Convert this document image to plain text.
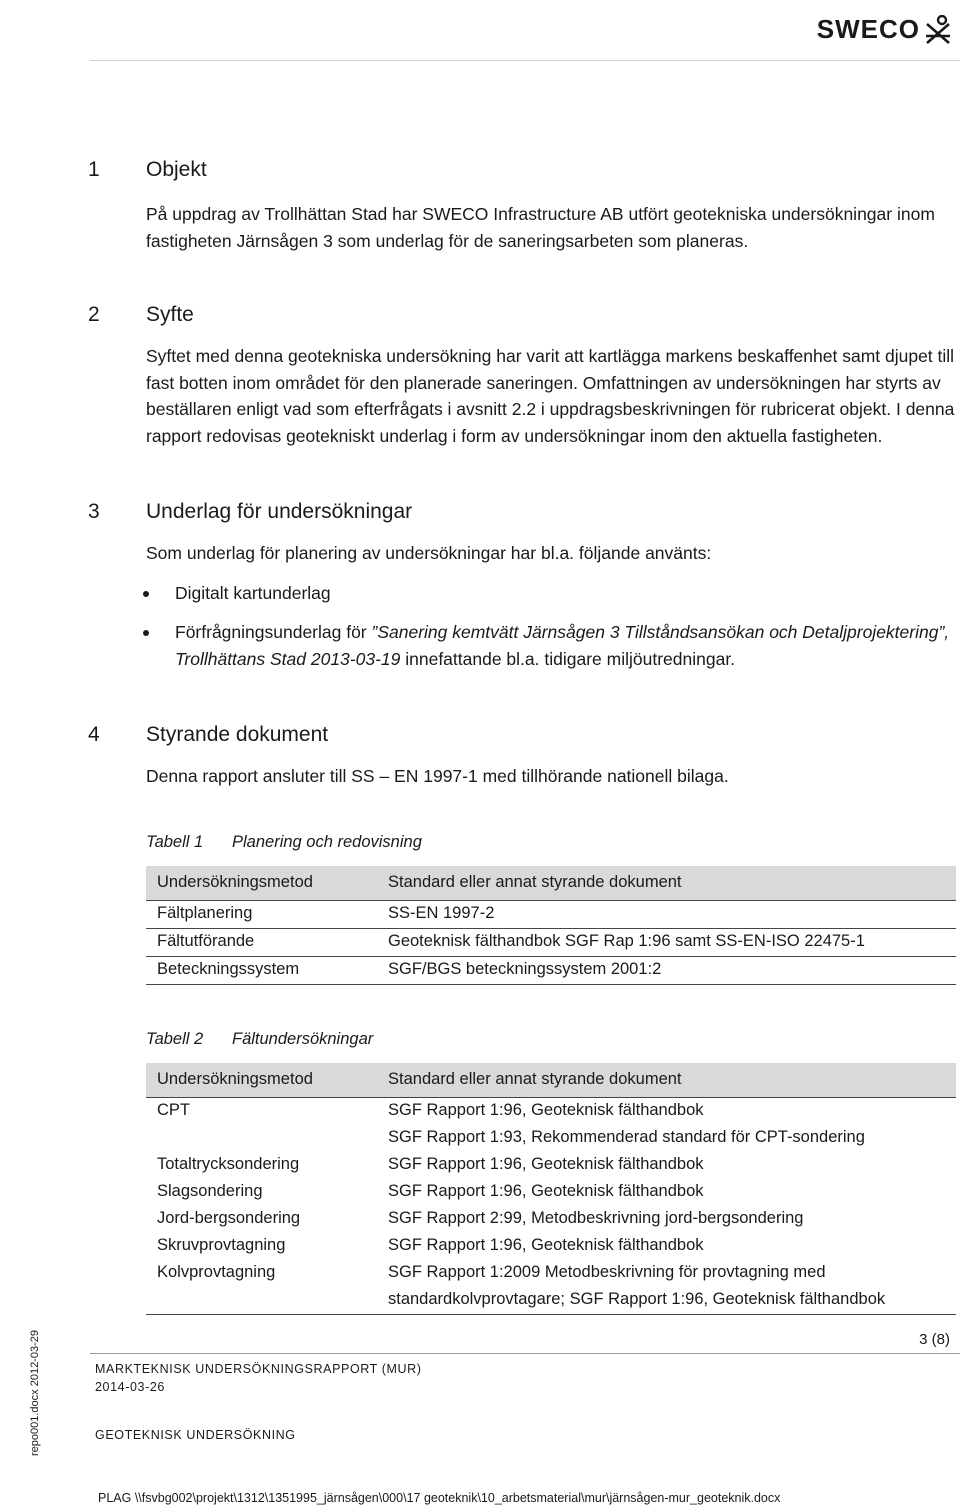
SWECO
1 Objekt
På uppdrag av Trollhättan Stad har SWECO Infrastructure AB utfört geotekniska undersökningar inom fastigheten Järnsågen 3 som underlag för de saneringsarbeten som planeras.
2 Syfte
Syftet med denna geotekniska undersökning har varit att kartlägga markens beskaffenhet samt djupet till fast botten inom området för den planerade saneringen. Omfattningen av undersökningen har styrts av beställaren enligt vad som efterfrågats i avsnitt 2.2 i uppdragsbeskrivningen för rubricerat objekt. I denna rapport redovisas geotekniskt underlag i form av undersökningar inom den aktuella fastigheten.
3 Underlag för undersökningar
Som underlag för planering av undersökningar har bl.a. följande använts:
Digitalt kartunderlag
Förfrågningsunderlag för ”Sanering kemtvätt Järnsågen 3 Tillståndsansökan och Detaljprojektering”, Trollhättans Stad 2013-03-19 innefattande bl.a. tidigare miljöutredningar.
4 Styrande dokument
Denna rapport ansluter till SS – EN 1997-1 med tillhörande nationell bilaga.
Tabell 1 Planering och redovisning
Undersökningsmetod	Standard eller annat styrande dokument
Fältplanering	SS-EN 1997-2
Fältutförande	Geoteknisk fälthandbok SGF Rap 1:96 samt SS-EN-ISO 22475-1
Beteckningssystem	SGF/BGS beteckningssystem 2001:2
Tabell 2 Fältundersökningar
Undersökningsmetod	Standard eller annat styrande dokument
CPT	SGF Rapport 1:96, Geoteknisk fälthandbok
SGF Rapport 1:93, Rekommenderad standard för CPT-sondering
Totaltrycksondering	SGF Rapport 1:96, Geoteknisk fälthandbok
Slagsondering	SGF Rapport 1:96, Geoteknisk fälthandbok
Jord-bergsondering	SGF Rapport 2:99, Metodbeskrivning jord-bergsondering
Skruvprovtagning	SGF Rapport 1:96, Geoteknisk fälthandbok
Kolvprovtagning	SGF Rapport 1:2009 Metodbeskrivning för provtagning med
standardkolvprovtagare; SGF Rapport 1:96, Geoteknisk fälthandbok
3 (8)
MARKTEKNISK UNDERSÖKNINGSRAPPORT (MUR)
2014-03-26
GEOTEKNISK UNDERSÖKNING
repo001.docx 2012-03-29
PLAG \\fsvbg002\projekt\1312\1351995_järnsågen\000\17 geoteknik\10_arbetsmaterial\mur\järnsågen-mur_geoteknik.docx
